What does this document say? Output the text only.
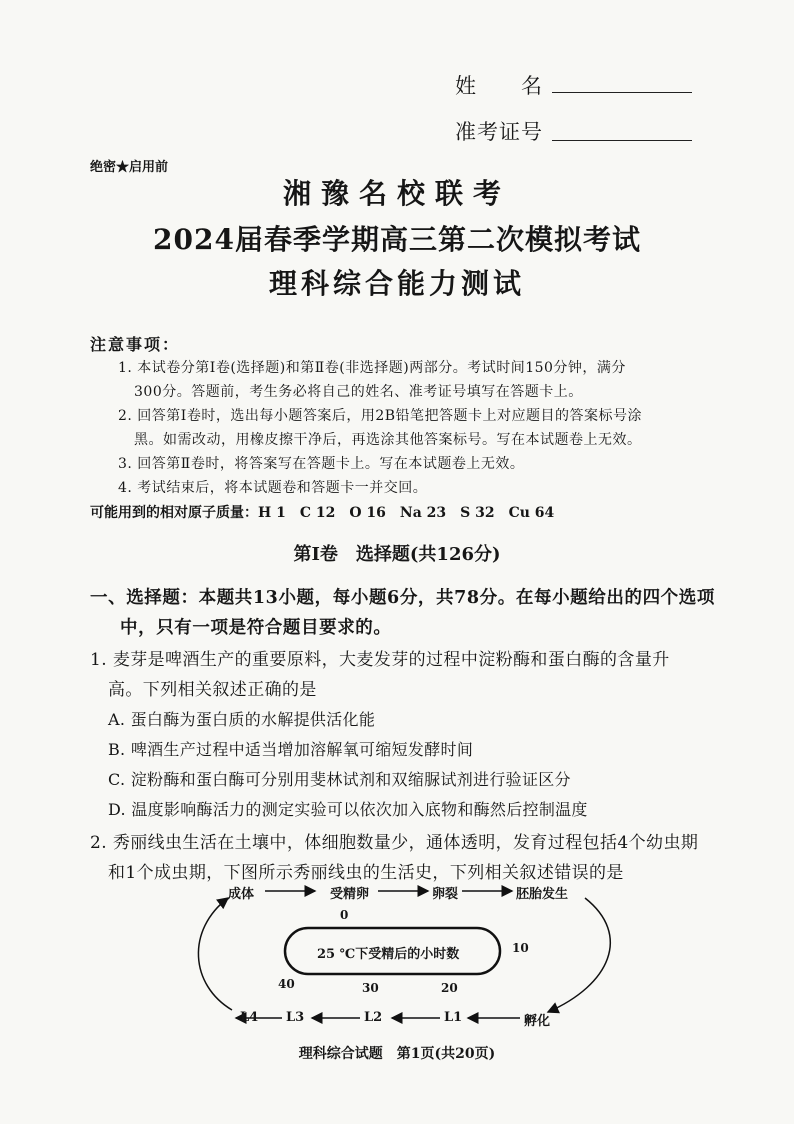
姓　　名
准考证号
绝密★启用前
湘豫名校联考
2024届春季学期高三第二次模拟考试
理科综合能力测试
注意事项：
1. 本试卷分第Ⅰ卷(选择题)和第Ⅱ卷(非选择题)两部分。考试时间150分钟，满分
300分。答题前，考生务必将自己的姓名、准考证号填写在答题卡上。
2. 回答第Ⅰ卷时，选出每小题答案后，用2B铅笔把答题卡上对应题目的答案标号涂
黑。如需改动，用橡皮擦干净后，再选涂其他答案标号。写在本试题卷上无效。
3. 回答第Ⅱ卷时，将答案写在答题卡上。写在本试题卷上无效。
4. 考试结束后，将本试题卷和答题卡一并交回。
可能用到的相对原子质量：H 1　C 12　O 16　Na 23　S 32　Cu 64
第Ⅰ卷　选择题(共126分)
一、选择题：本题共13小题，每小题6分，共78分。在每小题给出的四个选项
中，只有一项是符合题目要求的。
1. 麦芽是啤酒生产的重要原料，大麦发芽的过程中淀粉酶和蛋白酶的含量升
高。下列相关叙述正确的是
A. 蛋白酶为蛋白质的水解提供活化能
B. 啤酒生产过程中适当增加溶解氧可缩短发酵时间
C. 淀粉酶和蛋白酶可分别用斐林试剂和双缩脲试剂进行验证区分
D. 温度影响酶活力的测定实验可以依次加入底物和酶然后控制温度
2. 秀丽线虫生活在土壤中，体细胞数量少，通体透明，发育过程包括4个幼虫期
和1个成虫期，下图所示秀丽线虫的生活史，下列相关叙述错误的是
成体	受精卵	卵裂	胚胎发生
L4 L3	L2	L1	孵化
25 ℃下受精后的小时数
0
10
20
30
40
理科综合试题　第1页(共20页)
